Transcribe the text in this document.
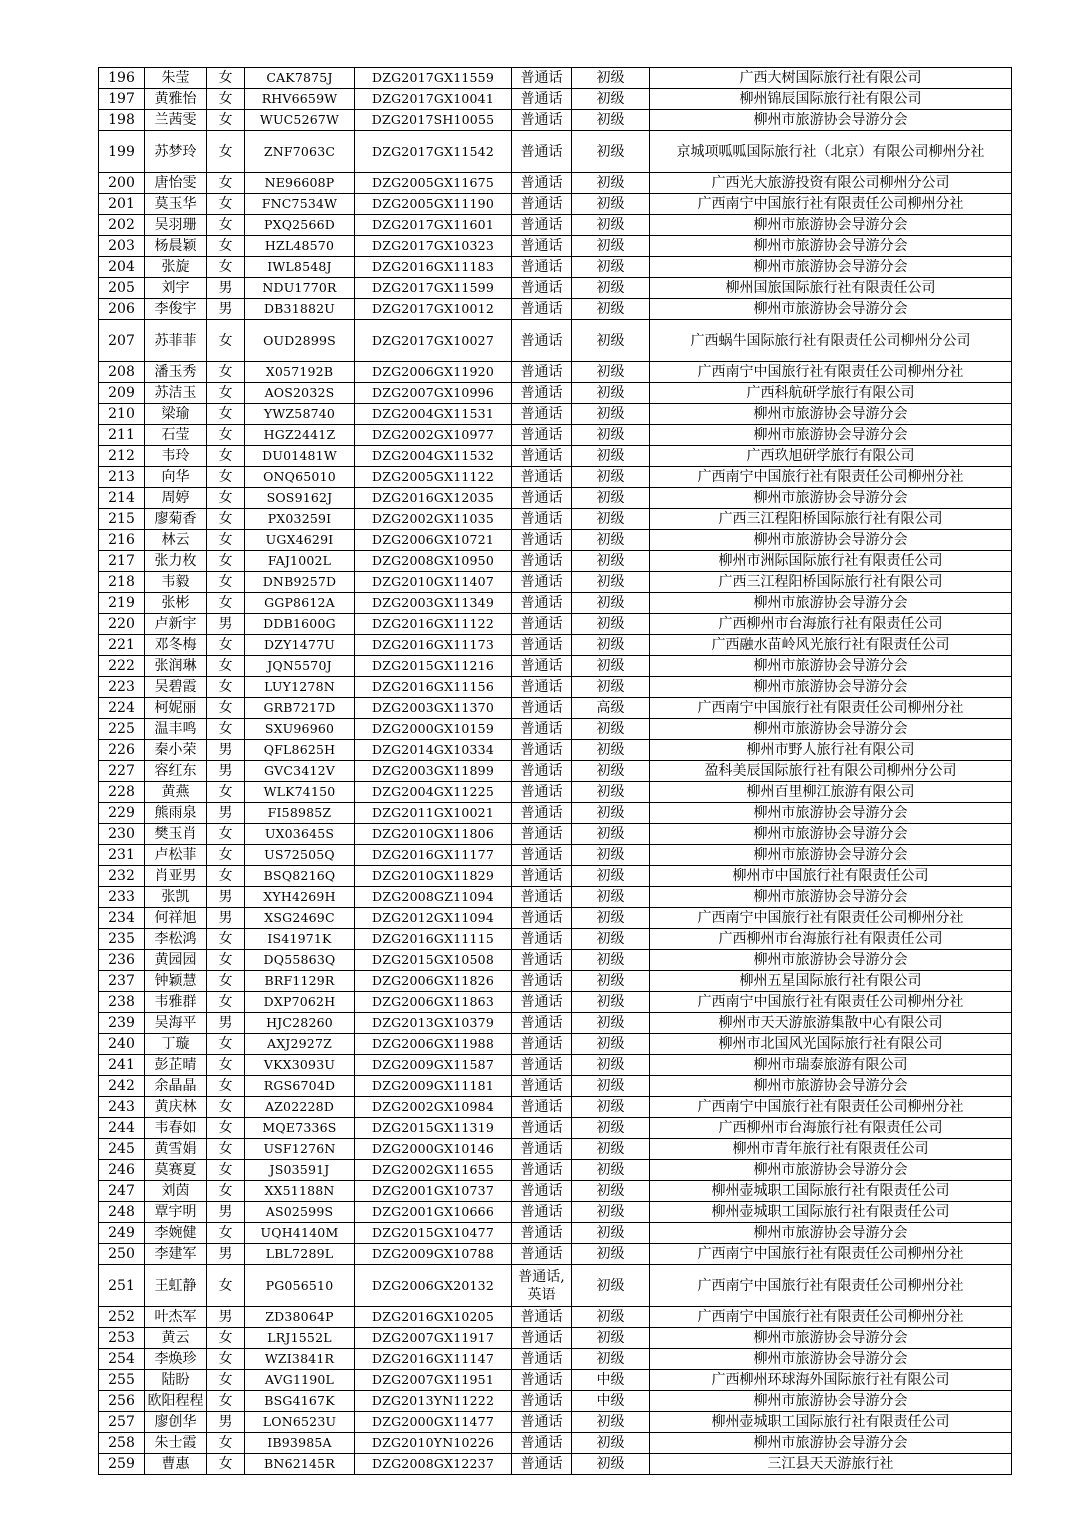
196	朱莹	女	CAK7875J	DZG2017GX11559	普通话	初级	广西大树国际旅行社有限公司
197	黄雅怡	女	RHV6659W	DZG2017GX10041	普通话	初级	柳州锦辰国际旅行社有限公司
198	兰茜雯	女	WUC5267W	DZG2017SH10055	普通话	初级	柳州市旅游协会导游分会
199	苏梦玲	女	ZNF7063C	DZG2017GX11542	普通话	初级	京城项呱呱国际旅行社（北京）有限公司柳州分社
200	唐怡雯	女	NE96608P	DZG2005GX11675	普通话	初级	广西光大旅游投资有限公司柳州分公司
201	莫玉华	女	FNC7534W	DZG2005GX11190	普通话	初级	广西南宁中国旅行社有限责任公司柳州分社
202	吴羽珊	女	PXQ2566D	DZG2017GX11601	普通话	初级	柳州市旅游协会导游分会
203	杨晨颖	女	HZL48570	DZG2017GX10323	普通话	初级	柳州市旅游协会导游分会
204	张旋	女	IWL8548J	DZG2016GX11183	普通话	初级	柳州市旅游协会导游分会
205	刘宇	男	NDU1770R	DZG2017GX11599	普通话	初级	柳州国旅国际旅行社有限责任公司
206	李俊宇	男	DB31882U	DZG2017GX10012	普通话	初级	柳州市旅游协会导游分会
207	苏菲菲	女	OUD2899S	DZG2017GX10027	普通话	初级	广西蜗牛国际旅行社有限责任公司柳州分公司
208	潘玉秀	女	X057192B	DZG2006GX11920	普通话	初级	广西南宁中国旅行社有限责任公司柳州分社
209	苏洁玉	女	AOS2032S	DZG2007GX10996	普通话	初级	广西科航研学旅行有限公司
210	梁瑜	女	YWZ58740	DZG2004GX11531	普通话	初级	柳州市旅游协会导游分会
211	石莹	女	HGZ2441Z	DZG2002GX10977	普通话	初级	柳州市旅游协会导游分会
212	韦玲	女	DU01481W	DZG2004GX11532	普通话	初级	广西玖旭研学旅行有限公司
213	向华	女	ONQ65010	DZG2005GX11122	普通话	初级	广西南宁中国旅行社有限责任公司柳州分社
214	周婷	女	SOS9162J	DZG2016GX12035	普通话	初级	柳州市旅游协会导游分会
215	廖菊香	女	PX03259I	DZG2002GX11035	普通话	初级	广西三江程阳桥国际旅行社有限公司
216	林云	女	UGX4629I	DZG2006GX10721	普通话	初级	柳州市旅游协会导游分会
217	张力枚	女	FAJ1002L	DZG2008GX10950	普通话	初级	柳州市洲际国际旅行社有限责任公司
218	韦毅	女	DNB9257D	DZG2010GX11407	普通话	初级	广西三江程阳桥国际旅行社有限公司
219	张彬	女	GGP8612A	DZG2003GX11349	普通话	初级	柳州市旅游协会导游分会
220	卢新宇	男	DDB1600G	DZG2016GX11122	普通话	初级	广西柳州市台海旅行社有限责任公司
221	邓冬梅	女	DZY1477U	DZG2016GX11173	普通话	初级	广西融水苗岭风光旅行社有限责任公司
222	张润琳	女	JQN5570J	DZG2015GX11216	普通话	初级	柳州市旅游协会导游分会
223	吴碧霞	女	LUY1278N	DZG2016GX11156	普通话	初级	柳州市旅游协会导游分会
224	柯妮丽	女	GRB7217D	DZG2003GX11370	普通话	高级	广西南宁中国旅行社有限责任公司柳州分社
225	温丰鸣	女	SXU96960	DZG2000GX10159	普通话	初级	柳州市旅游协会导游分会
226	秦小荣	男	QFL8625H	DZG2014GX10334	普通话	初级	柳州市野人旅行社有限公司
227	容红东	男	GVC3412V	DZG2003GX11899	普通话	初级	盈科美辰国际旅行社有限公司柳州分公司
228	黄燕	女	WLK74150	DZG2004GX11225	普通话	初级	柳州百里柳江旅游有限公司
229	熊雨泉	男	FI58985Z	DZG2011GX10021	普通话	初级	柳州市旅游协会导游分会
230	樊玉肖	女	UX03645S	DZG2010GX11806	普通话	初级	柳州市旅游协会导游分会
231	卢松菲	女	US72505Q	DZG2016GX11177	普通话	初级	柳州市旅游协会导游分会
232	肖亚男	女	BSQ8216Q	DZG2010GX11829	普通话	初级	柳州市中国旅行社有限责任公司
233	张凯	男	XYH4269H	DZG2008GZ11094	普通话	初级	柳州市旅游协会导游分会
234	何祥旭	男	XSG2469C	DZG2012GX11094	普通话	初级	广西南宁中国旅行社有限责任公司柳州分社
235	李松鸿	女	IS41971K	DZG2016GX11115	普通话	初级	广西柳州市台海旅行社有限责任公司
236	黄园园	女	DQ55863Q	DZG2015GX10508	普通话	初级	柳州市旅游协会导游分会
237	钟颖慧	女	BRF1129R	DZG2006GX11826	普通话	初级	柳州五星国际旅行社有限公司
238	韦雅群	女	DXP7062H	DZG2006GX11863	普通话	初级	广西南宁中国旅行社有限责任公司柳州分社
239	吴海平	男	HJC28260	DZG2013GX10379	普通话	初级	柳州市天天游旅游集散中心有限公司
240	丁璇	女	AXJ2927Z	DZG2006GX11988	普通话	初级	柳州市北国风光国际旅行社有限公司
241	彭芷晴	女	VKX3093U	DZG2009GX11587	普通话	初级	柳州市瑞泰旅游有限公司
242	余晶晶	女	RGS6704D	DZG2009GX11181	普通话	初级	柳州市旅游协会导游分会
243	黄庆林	女	AZ02228D	DZG2002GX10984	普通话	初级	广西南宁中国旅行社有限责任公司柳州分社
244	韦春如	女	MQE7336S	DZG2015GX11319	普通话	初级	广西柳州市台海旅行社有限责任公司
245	黄雪娟	女	USF1276N	DZG2000GX10146	普通话	初级	柳州市青年旅行社有限责任公司
246	莫赛夏	女	JS03591J	DZG2002GX11655	普通话	初级	柳州市旅游协会导游分会
247	刘茵	女	XX51188N	DZG2001GX10737	普通话	初级	柳州壶城职工国际旅行社有限责任公司
248	覃宇明	男	AS02599S	DZG2001GX10666	普通话	初级	柳州壶城职工国际旅行社有限责任公司
249	李婉健	女	UQH4140M	DZG2015GX10477	普通话	初级	柳州市旅游协会导游分会
250	李建军	男	LBL7289L	DZG2009GX10788	普通话	初级	广西南宁中国旅行社有限责任公司柳州分社
251	王虹静	女	PG056510	DZG2006GX20132	普通话,英语	初级	广西南宁中国旅行社有限责任公司柳州分社
252	叶杰军	男	ZD38064P	DZG2016GX10205	普通话	初级	广西南宁中国旅行社有限责任公司柳州分社
253	黄云	女	LRJ1552L	DZG2007GX11917	普通话	初级	柳州市旅游协会导游分会
254	李焕珍	女	WZI3841R	DZG2016GX11147	普通话	初级	柳州市旅游协会导游分会
255	陆盼	女	AVG1190L	DZG2007GX11951	普通话	中级	广西柳州环球海外国际旅行社有限公司
256	欧阳程程	女	BSG4167K	DZG2013YN11222	普通话	中级	柳州市旅游协会导游分会
257	廖创华	男	LON6523U	DZG2000GX11477	普通话	初级	柳州壶城职工国际旅行社有限责任公司
258	朱士霞	女	IB93985A	DZG2010YN10226	普通话	初级	柳州市旅游协会导游分会
259	曹惠	女	BN62145R	DZG2008GX12237	普通话	初级	三江县天天游旅行社
